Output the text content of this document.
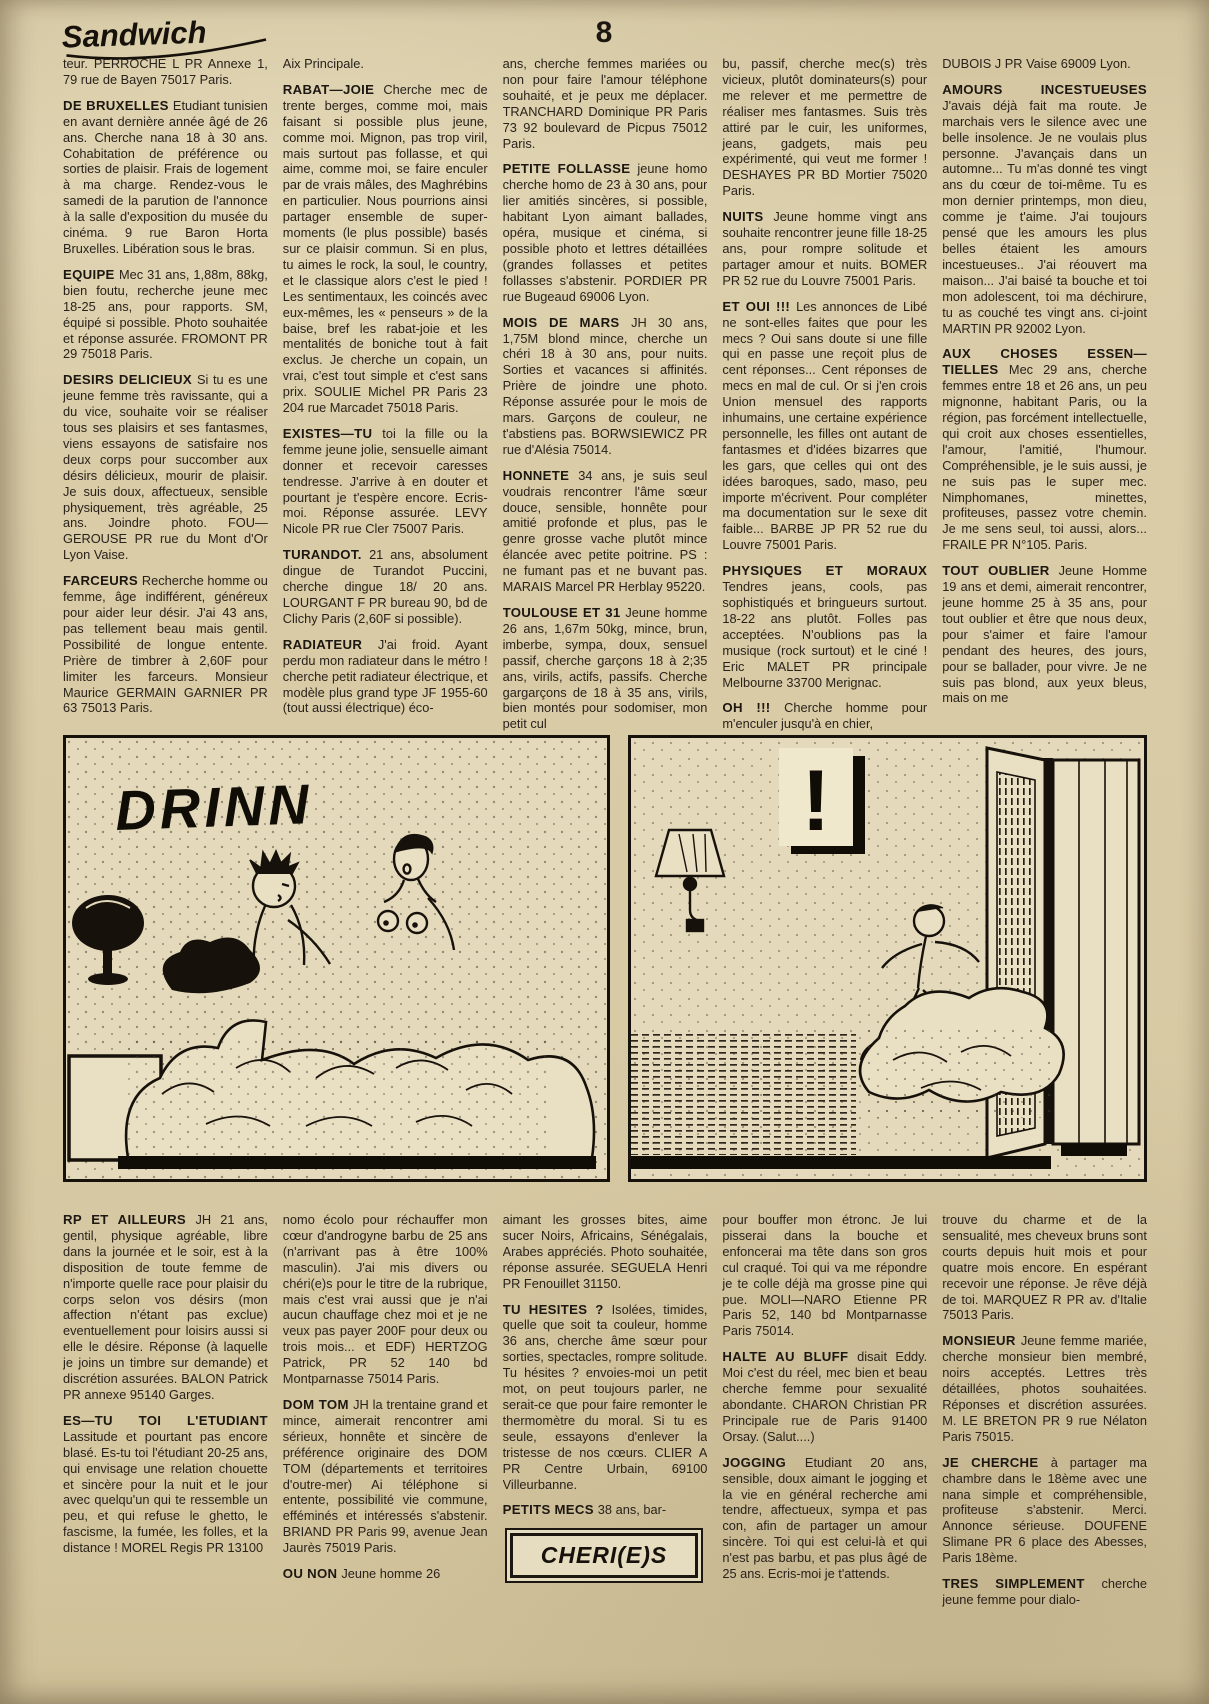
Sandwich	8

teur. PERROCHE L PR Annexe 1, 79 rue de Bayen 75017 Paris.

DE BRUXELLES Etudiant tunisien en avant dernière année âgé de 26 ans. Cherche nana 18 à 30 ans. Cohabitation de préférence ou sorties de plaisir. Frais de logement à ma charge. Rendez-vous le samedi de la parution de l'annonce à la salle d'exposition du musée du cinéma. 9 rue Baron Horta Bruxelles. Libération sous le bras.

EQUIPE Mec 31 ans, 1,88m, 88kg, bien foutu, recherche jeune mec 18-25 ans, pour rapports. SM, équipé si possible. Photo souhaitée et réponse assurée. FROMONT PR 29 75018 Paris.

DESIRS DELICIEUX Si tu es une jeune femme très ravissante, qui a du vice, souhaite voir se réaliser tous ses plaisirs et ses fantasmes, viens essayons de satisfaire nos deux corps pour succomber aux désirs délicieux, mourir de plaisir. Je suis doux, affectueux, sensible physiquement, très agréable, 25 ans. Joindre photo. FOU—GEROUSE PR rue du Mont d'Or Lyon Vaise.

FARCEURS Recherche homme ou femme, âge indifférent, généreux pour aider leur désir. J'ai 43 ans, pas tellement beau mais gentil. Possibilité de longue entente. Prière de timbrer à 2,60F pour limiter les farceurs. Monsieur Maurice GERMAIN GARNIER PR 63 75013 Paris.

Aix Principale.

RABAT—JOIE Cherche mec de trente berges, comme moi, mais faisant si possible plus jeune, comme moi. Mignon, pas trop viril, mais surtout pas follasse, et qui aime, comme moi, se faire enculer par de vrais mâles, des Maghrébins en particulier. Nous pourrions ainsi partager ensemble de super-moments (le plus possible) basés sur ce plaisir commun. Si en plus, tu aimes le rock, la soul, le country, et le classique alors c'est le pied ! Les sentimentaux, les coincés avec eux-mêmes, les « penseurs » de la baise, bref les rabat-joie et les mentalités de boniche tout à fait exclus. Je cherche un copain, un vrai, c'est tout simple et c'est sans prix. SOULIE Michel PR Paris 23 204 rue Marcadet 75018 Paris.

EXISTES—TU toi la fille ou la femme jeune jolie, sensuelle aimant donner et recevoir caresses tendresse. J'arrive à en douter et pourtant je t'espère encore. Ecris-moi. Réponse assurée. LEVY Nicole PR rue Cler 75007 Paris.

TURANDOT. 21 ans, absolument dingue de Turandot Puccini, cherche dingue 18/ 20 ans. LOURGANT F PR bureau 90, bd de Clichy Paris (2,60F si possible).

RADIATEUR J'ai froid. Ayant perdu mon radiateur dans le métro ! cherche petit radiateur électrique, et modèle plus grand type JF 1955-60 (tout aussi électrique) éco-

ans, cherche femmes mariées ou non pour faire l'amour téléphone souhaité, et je peux me déplacer. TRANCHARD Dominique PR Paris 73 92 boulevard de Picpus 75012 Paris.

PETITE FOLLASSE jeune homo cherche homo de 23 à 30 ans, pour lier amitiés sincères, si possible, habitant Lyon aimant ballades, opéra, musique et cinéma, si possible photo et lettres détaillées (grandes follasses et petites follasses s'abstenir. PORDIER PR rue Bugeaud 69006 Lyon.

MOIS DE MARS JH 30 ans, 1,75M blond mince, cherche un chéri 18 à 30 ans, pour nuits. Sorties et vacances si affinités. Prière de joindre une photo. Réponse assurée pour le mois de mars. Garçons de couleur, ne t'abstiens pas. BORWSIEWICZ PR rue d'Alésia 75014.

HONNETE 34 ans, je suis seul voudrais rencontrer l'âme sœur douce, sensible, honnête pour amitié profonde et plus, pas le genre grosse vache plutôt mince élancée avec petite poitrine. PS : ne fumant pas et ne buvant pas. MARAIS Marcel PR Herblay 95220.

TOULOUSE ET 31 Jeune homme 26 ans, 1,67m 50kg, mince, brun, imberbe, sympa, doux, sensuel passif, cherche garçons 18 à 2;35 ans, virils, actifs, passifs. Cherche gargarçons de 18 à 35 ans, virils, bien montés pour sodomiser, mon petit cul

bu, passif, cherche mec(s) très vicieux, plutôt dominateurs(s) pour me relever et me permettre de réaliser mes fantasmes. Suis très attiré par le cuir, les uniformes, jeans, gadgets, mais peu expérimenté, qui veut me former ! DESHAYES PR BD Mortier 75020 Paris.

NUITS Jeune homme vingt ans souhaite rencontrer jeune fille 18-25 ans, pour rompre solitude et partager amour et nuits. BOMER PR 52 rue du Louvre 75001 Paris.

ET OUI !!! Les annonces de Libé ne sont-elles faites que pour les mecs ? Oui sans doute si une fille qui en passe une reçoit plus de cent réponses... Cent réponses de mecs en mal de cul. Or si j'en crois Union mensuel des rapports inhumains, une certaine expérience personnelle, les filles ont autant de fantasmes et d'idées bizarres que les gars, que celles qui ont des idées baroques, sado, maso, peu importe m'écrivent. Pour compléter ma documentation sur le sexe dit faible... BARBE JP PR 52 rue du Louvre 75001 Paris.

PHYSIQUES ET MORAUX Tendres jeans, cools, pas sophistiqués et bringueurs surtout. 18-22 ans plutôt. Folles pas acceptées. N'oublions pas la musique (rock surtout) et le ciné ! Eric MALET PR principale Melbourne 33700 Merignac.

OH !!! Cherche homme pour m'enculer jusqu'à en chier,

DUBOIS J PR Vaise 69009 Lyon.

AMOURS INCESTUEUSES J'avais déjà fait ma route. Je marchais vers le silence avec une belle insolence. Je ne voulais plus personne. J'avançais dans un automne... Tu m'as donné tes vingt ans du cœur de toi-même. Tu es mon dernier printemps, mon dieu, comme je t'aime. J'ai toujours pensé que les amours les plus belles étaient les amours incestueuses.. J'ai réouvert ma maison... J'ai baisé ta bouche et toi mon adolescent, toi ma déchirure, tu as couché tes vingt ans. ci-joint MARTIN PR 92002 Lyon.

AUX CHOSES ESSEN—TIELLES Mec 29 ans, cherche femmes entre 18 et 26 ans, un peu mignonne, habitant Paris, ou la région, pas forcément intellectuelle, qui croit aux choses essentielles, l'amour, l'amitié, l'humour. Compréhensible, je le suis aussi, je ne suis pas le super mec. Nimphomanes, minettes, profiteuses, passez votre chemin. Je me sens seul, toi aussi, alors... FRAILE PR N°105. Paris.

TOUT OUBLIER Jeune Homme 19 ans et demi, aimerait rencontrer, jeune homme 25 à 35 ans, pour tout oublier et être que nous deux, pour s'aimer et faire l'amour pendant des heures, des jours, pour se ballader, pour vivre. Je ne suis pas blond, aux yeux bleus, mais on me

DRINN	!

RP ET AILLEURS JH 21 ans, gentil, physique agréable, libre dans la journée et le soir, est à la disposition de toute femme de n'importe quelle race pour plaisir du corps selon vos désirs (mon affection n'étant pas exclue) eventuellement pour loisirs aussi si elle le désire. Réponse (à laquelle je joins un timbre sur demande) et discrétion assurées. BALON Patrick PR annexe 95140 Garges.

ES—TU TOI L'ETUDIANT Lassitude et pourtant pas encore blasé. Es-tu toi l'étudiant 20-25 ans, qui envisage une relation chouette et sincère pour la nuit et le jour avec quelqu'un qui te ressemble un peu, et qui refuse le ghetto, le fascisme, la fumée, les folles, et la distance ! MOREL Regis PR 13100

nomo écolo pour réchauffer mon cœur d'androgyne barbu de 25 ans (n'arrivant pas à être 100% masculin). J'ai mis divers ou chéri(e)s pour le titre de la rubrique, mais c'est vrai aussi que je n'ai aucun chauffage chez moi et je ne veux pas payer 200F pour deux ou trois mois... et EDF) HERTZOG Patrick, PR 52 140 bd Montparnasse 75014 Paris.

DOM TOM JH la trentaine grand et mince, aimerait rencontrer ami sérieux, honnête et sincère de préférence originaire des DOM TOM (départements et territoires d'outre-mer) Ai téléphone si entente, possibilité vie commune, efféminés et intéressés s'abstenir. BRIAND PR Paris 99, avenue Jean Jaurès 75019 Paris.

OU NON Jeune homme 26

aimant les grosses bites, aime sucer Noirs, Africains, Sénégalais, Arabes appréciés. Photo souhaitée, réponse assurée. SEGUELA Henri PR Fenouillet 31150.

TU HESITES ? Isolées, timides, quelle que soit ta couleur, homme 36 ans, cherche âme sœur pour sorties, spectacles, rompre solitude. Tu hésites ? envoies-moi un petit mot, on peut toujours parler, ne serait-ce que pour faire remonter le thermomètre du moral. Si tu es seule, essayons d'enlever la tristesse de nos cœurs. CLIER A PR Centre Urbain, 69100 Villeurbanne.

PETITS MECS 38 ans, bar-

CHERI(E)S

pour bouffer mon étronc. Je lui pisserai dans la bouche et enfoncerai ma tête dans son gros cul craqué. Toi qui va me répondre je te colle déjà ma grosse pine qui pue. MOLI—NARO Etienne PR Paris 52, 140 bd Montparnasse Paris 75014.

HALTE AU BLUFF disait Eddy. Moi c'est du réel, mec bien et beau cherche femme pour sexualité abondante. CHARON Christian PR Principale rue de Paris 91400 Orsay. (Salut....)

JOGGING Etudiant 20 ans, sensible, doux aimant le jogging et la vie en général recherche ami tendre, affectueux, sympa et pas con, afin de partager un amour sincère. Toi qui est celui-là et qui n'est pas barbu, et pas plus âgé de 25 ans. Ecris-moi je t'attends.

trouve du charme et de la sensualité, mes cheveux bruns sont courts depuis huit mois et pour quatre mois encore. En espérant recevoir une réponse. Je rêve déjà de toi. MARQUEZ R PR av. d'Italie 75013 Paris.

MONSIEUR Jeune femme mariée, cherche monsieur bien membré, noirs acceptés. Lettres très détaillées, photos souhaitées. Réponses et discrétion assurées. M. LE BRETON PR 9 rue Nélaton Paris 75015.

JE CHERCHE à partager ma chambre dans le 18ème avec une nana simple et compréhensible, profiteuse s'abstenir. Merci. Annonce sérieuse. DOUFENE Slimane PR 6 place des Abesses, Paris 18ème.

TRES SIMPLEMENT cherche jeune femme pour dialo-
